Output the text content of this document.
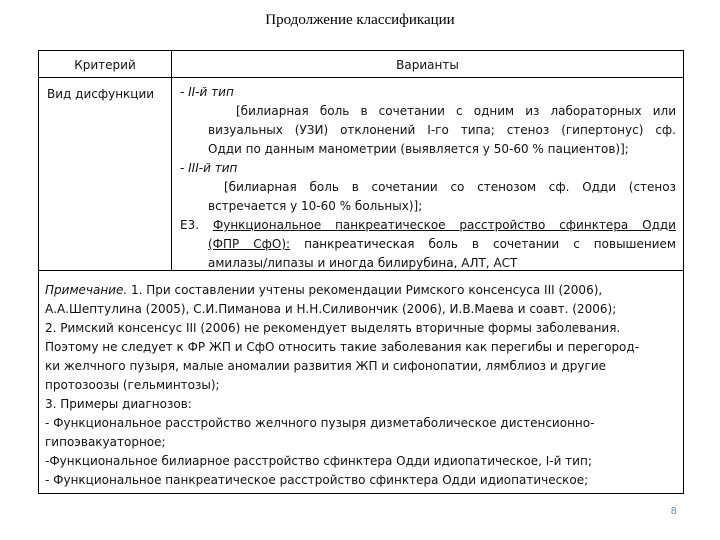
Продолжение классификации
Критерий	Варианты
Вид дисфункции - II-й тип

[билиарная боль в сочетании с одним из лабораторных или

визуальных (УЗИ) отклонений I-го типа; стеноз (гипертонус) сф.

Одди по данным манометрии (выявляется у 50-60 % пациентов)];

- III-й тип

[билиарная боль в сочетании со стенозом сф. Одди (стеноз

встречается у 10-60 % больных)];

Е3. Функциональное панкреатическое расстройство сфинктера Одди

(ФПР СфО): панкреатическая боль в сочетании с повышением

амилазы/липазы и иногда билирубина, АЛТ, АСТ

Примечание. 1. При составлении учтены рекомендации Римского консенсуса III (2006),

А.А.Шептулина (2005), С.И.Пиманова и Н.Н.Силивончик (2006), И.В.Маева и соавт. (2006);

2. Римский консенсус III (2006) не рекомендует выделять вторичные формы заболевания.

Поэтому не следует к ФР ЖП и СфО относить такие заболевания как перегибы и перегород-

ки желчного пузыря, малые аномалии развития ЖП и сифонопатии, лямблиоз и другие

протозоозы (гельминтозы);

3. Примеры диагнозов:

- Функциональное расстройство желчного пузыря дизметаболическое дистенсионно-

гипоэвакуаторное;

-Функциональное билиарное расстройство сфинктера Одди идиопатическое, I-й тип;

- Функциональное панкреатическое расстройство сфинктера Одди идиопатическое;

8
